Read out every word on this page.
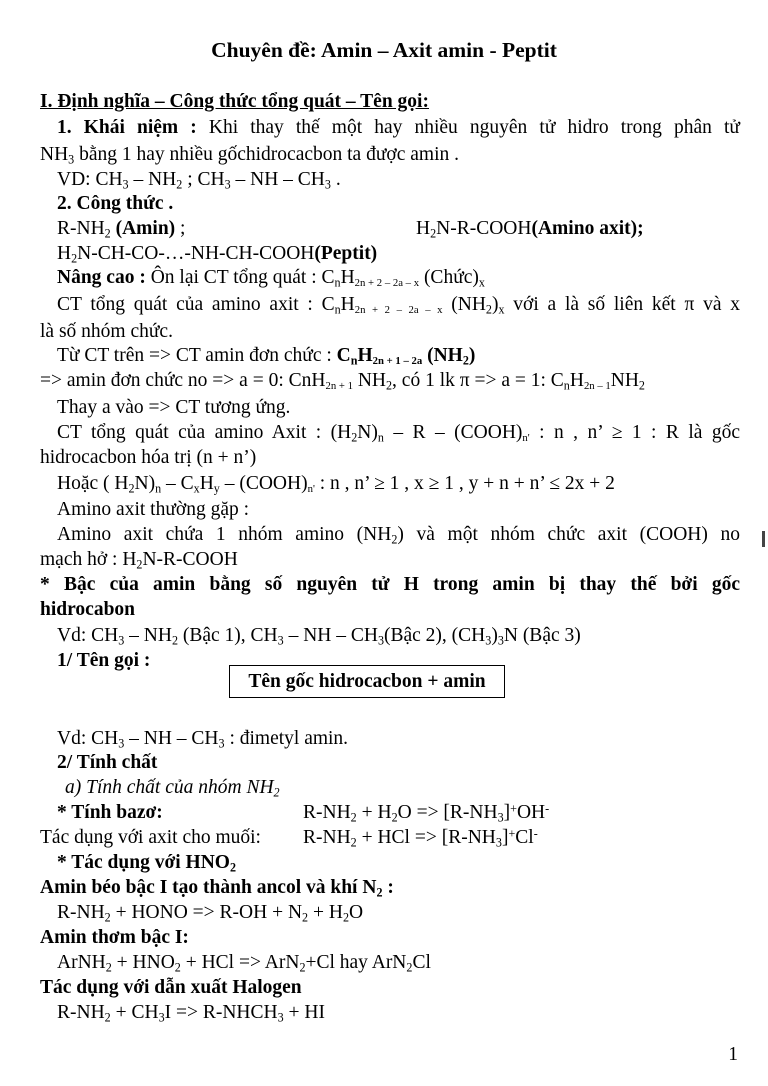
Chuyên đề: Amin – Axit amin - Peptit
I. Định nghĩa – Công thức tổng quát – Tên gọi:
1. Khái niệm : Khi thay thế một hay nhiều nguyên tử hidro trong phân tử
$NH_3$ bằng 1 hay nhiều gốchidrocacbon ta được amin .
VD: $CH_3 - NH_2$ ; $CH_3$ – NH – $CH_3$ .
2. Công thức .
$R-NH_2$ (Amin) ;	$H_2N-R-COOH(Amino$ axit);
$H_2N-CH-CO-\dots-NH-CH-COOH(Peptit)$
Nâng cao : Ôn lại CT tổng quát : $C_nH_{2n + 2 - 2a - x}$ $(Chức)_x$
CT tổng quát của amino axit : $C_nH_{2n + 2 - 2a - x}$ $(NH_2)_x$ với a là số liên kết π và x
là số nhóm chức.
Từ CT trên => CT amin đơn chức : $C_nH_{2n + 1 - 2a}$ $(NH_2)$
=> amin đơn chức no => a = 0: CnH$_{2n + 1}$ $NH_2$, có 1 lk π => a = 1: $C_nH_{2n - 1}NH_2$
Thay a vào => CT tương ứng.
CT tổng quát của amino Axit : $(H_2N)_n$ – R – $(COOH)_{n'}$ : n , n’ ≥ 1 : R là gốc
hidrocacbon hóa trị (n + n’)
Hoặc ( $H_2N)_n - C_xH_y$ – $(COOH)_{n'}$ : n , n’ ≥ 1 , x ≥ 1 , y + n + n’ ≤ 2x + 2
Amino axit thường gặp :
Amino axit chứa 1 nhóm amino $(NH_2)$ và một nhóm chức axit (COOH) no
mạch hở : $H_2N-R$-COOH
* Bậc của amin bằng số nguyên tử H trong amin bị thay thế bởi gốc
hidrocabon
Vd: $CH_3 - NH_2$ (Bậc 1), $CH_3$ – NH – $CH_3(Bậc$ 2), $(CH_3)_3N$ (Bậc 3)
1/ Tên gọi :
Tên gốc hidrocacbon + amin
Vd: $CH_3$ – NH – $CH_3$ : đimetyl amin.
2/ Tính chất
a) Tính chất của nhóm $NH_2$
* Tính bazơ:	$R-NH_2 + H_2O => [R-NH_3]^+OH^-$
Tác dụng với axit cho muối:	$R-NH_2$ + HCl => $[R-NH_3]^+Cl^-$
* Tác dụng với $HNO_2$
Amin béo bậc I tạo thành ancol và khí $N_2$ :
$R-NH_2$ + HONO => $R-OH + N_2 + H_2O$
Amin thơm bậc I:
ArNH$_2$ + $HNO_2$ + HCl => ArN$_2$+Cl hay ArN$_2$Cl
Tác dụng với dẫn xuất Halogen
$R-NH_2 + CH_3I$ => $R-NHCH_3$ + HI
1
